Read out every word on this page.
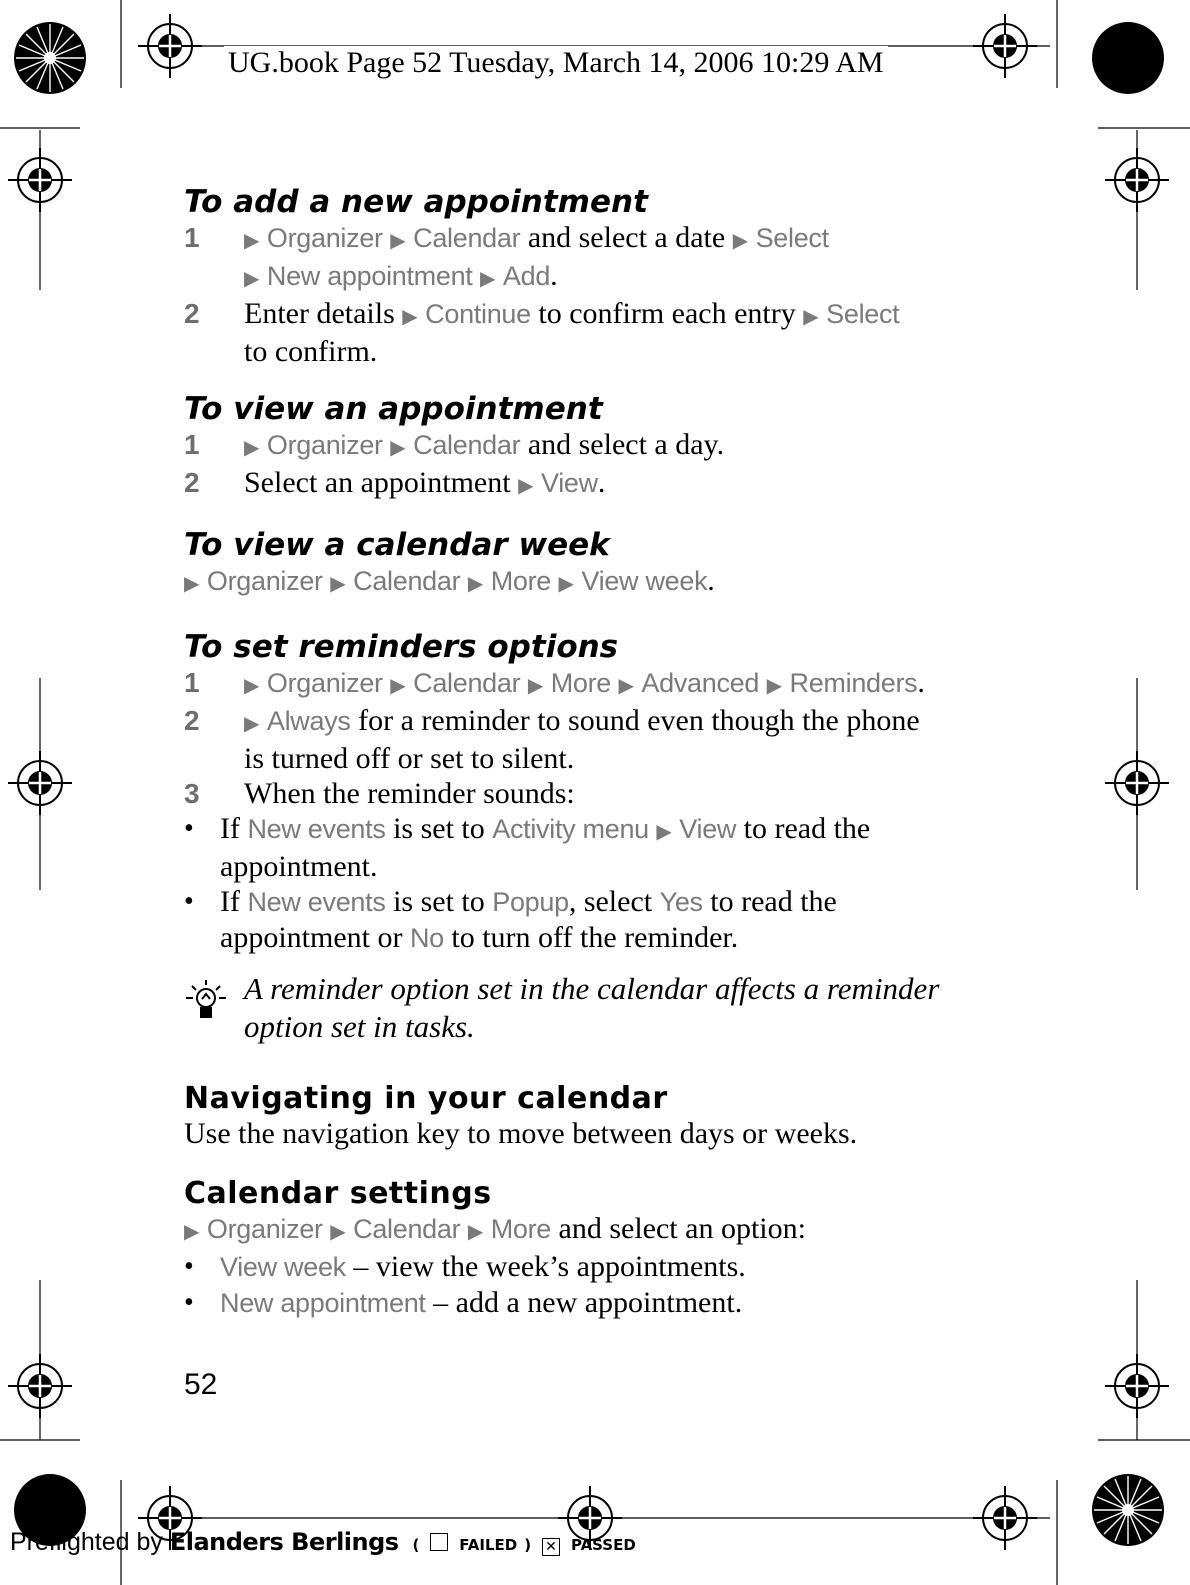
UG.book Page 52 Tuesday, March 14, 2006 10:29 AM
To add a new appointment
1 ▶ Organizer ▶ Calendar and select a date ▶ Select
▶ New appointment ▶ Add.
2 Enter details ▶ Continue to confirm each entry ▶ Select
to confirm.
To view an appointment
1 ▶ Organizer ▶ Calendar and select a day.
2 Select an appointment ▶ View.
To view a calendar week
▶ Organizer ▶ Calendar ▶ More ▶ View week.
To set reminders options
1 ▶ Organizer ▶ Calendar ▶ More ▶ Advanced ▶ Reminders.
2 ▶ Always for a reminder to sound even though the phone
is turned off or set to silent.
3 When the reminder sounds:
• If New events is set to Activity menu ▶ View to read the
appointment.
• If New events is set to Popup, select Yes to read the
appointment or No to turn off the reminder.
A reminder option set in the calendar affects a reminder
option set in tasks.
Navigating in your calendar
Use the navigation key to move between days or weeks.
Calendar settings
▶ Organizer ▶ Calendar ▶ More and select an option:
• View week – view the week’s appointments.
• New appointment – add a new appointment.
52
Preflighted by Elanders Berlings (	FAILED ) ✕ PASSED
